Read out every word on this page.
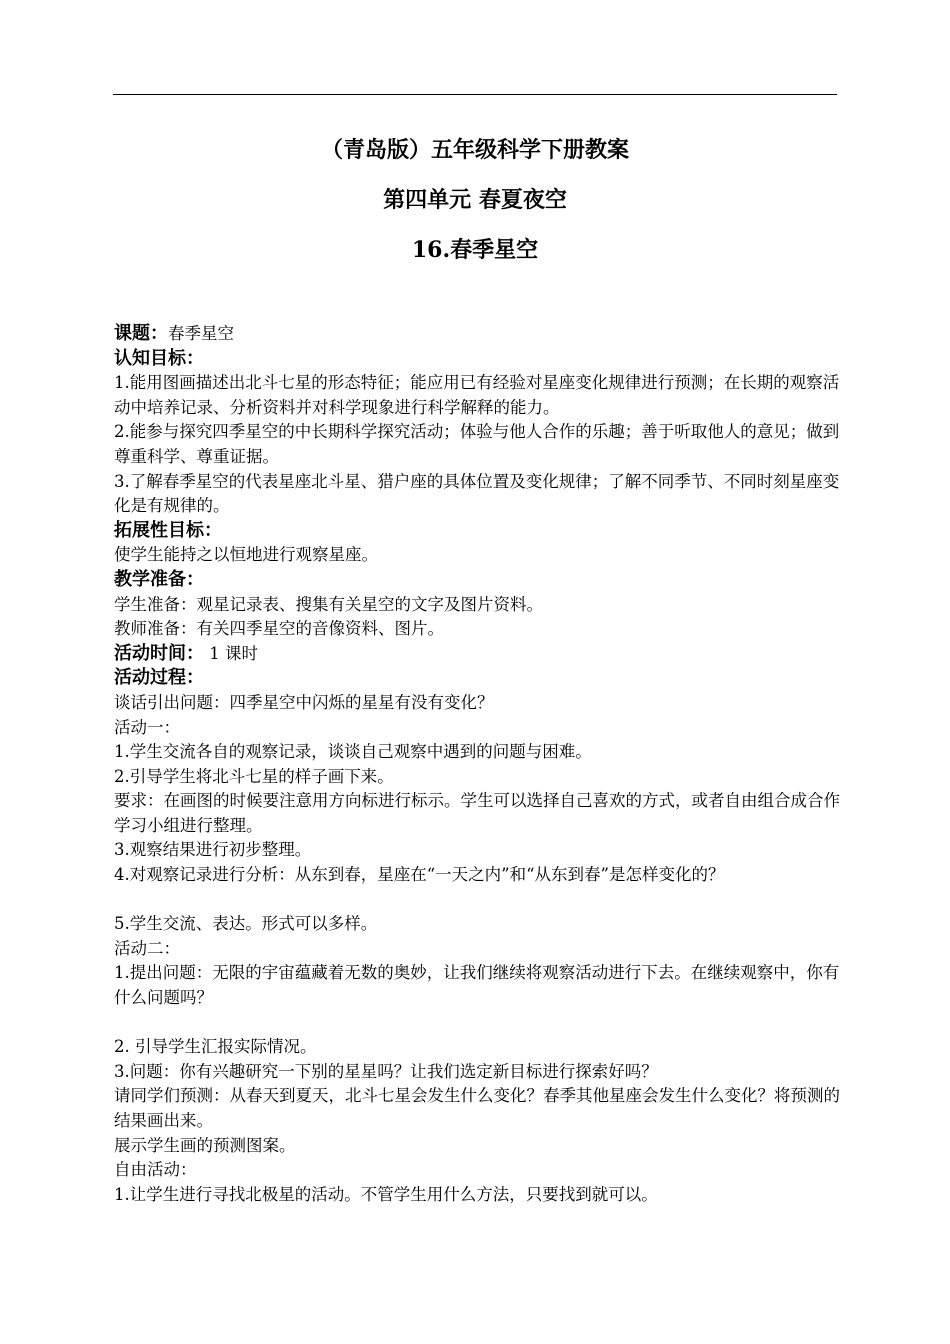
（青岛版）五年级科学下册教案
第四单元 春夏夜空
16.春季星空

课题：春季星空

认知目标：

1.能用图画描述出北斗七星的形态特征；能应用已有经验对星座变化规律进行预测；在长期的观察活动中培养记录、分析资料并对科学现象进行科学解释的能力。

2.能参与探究四季星空的中长期科学探究活动；体验与他人合作的乐趣；善于听取他人的意见；做到尊重科学、尊重证据。

3.了解春季星空的代表星座北斗星、猎户座的具体位置及变化规律；了解不同季节、不同时刻星座变化是有规律的。

拓展性目标：

使学生能持之以恒地进行观察星座。

教学准备：

学生准备：观星记录表、搜集有关星空的文字及图片资料。

教师准备：有关四季星空的音像资料、图片。

活动时间： 1 课时

活动过程：

谈话引出问题：四季星空中闪烁的星星有没有变化？

活动一：

1.学生交流各自的观察记录，谈谈自己观察中遇到的问题与困难。

2.引导学生将北斗七星的样子画下来。

要求：在画图的时候要注意用方向标进行标示。学生可以选择自己喜欢的方式，或者自由组合成合作学习小组进行整理。

3.观察结果进行初步整理。

4.对观察记录进行分析：从东到春，星座在“一天之内”和“从东到春”是怎样变化的？

5.学生交流、表达。形式可以多样。

活动二：

1.提出问题：无限的宇宙蕴藏着无数的奥妙，让我们继续将观察活动进行下去。在继续观察中，你有什么问题吗？

2. 引导学生汇报实际情况。

3.问题：你有兴趣研究一下别的星星吗？让我们选定新目标进行探索好吗？

请同学们预测：从春天到夏天，北斗七星会发生什么变化？春季其他星座会发生什么变化？将预测的结果画出来。

展示学生画的预测图案。

自由活动：

1.让学生进行寻找北极星的活动。不管学生用什么方法，只要找到就可以。
